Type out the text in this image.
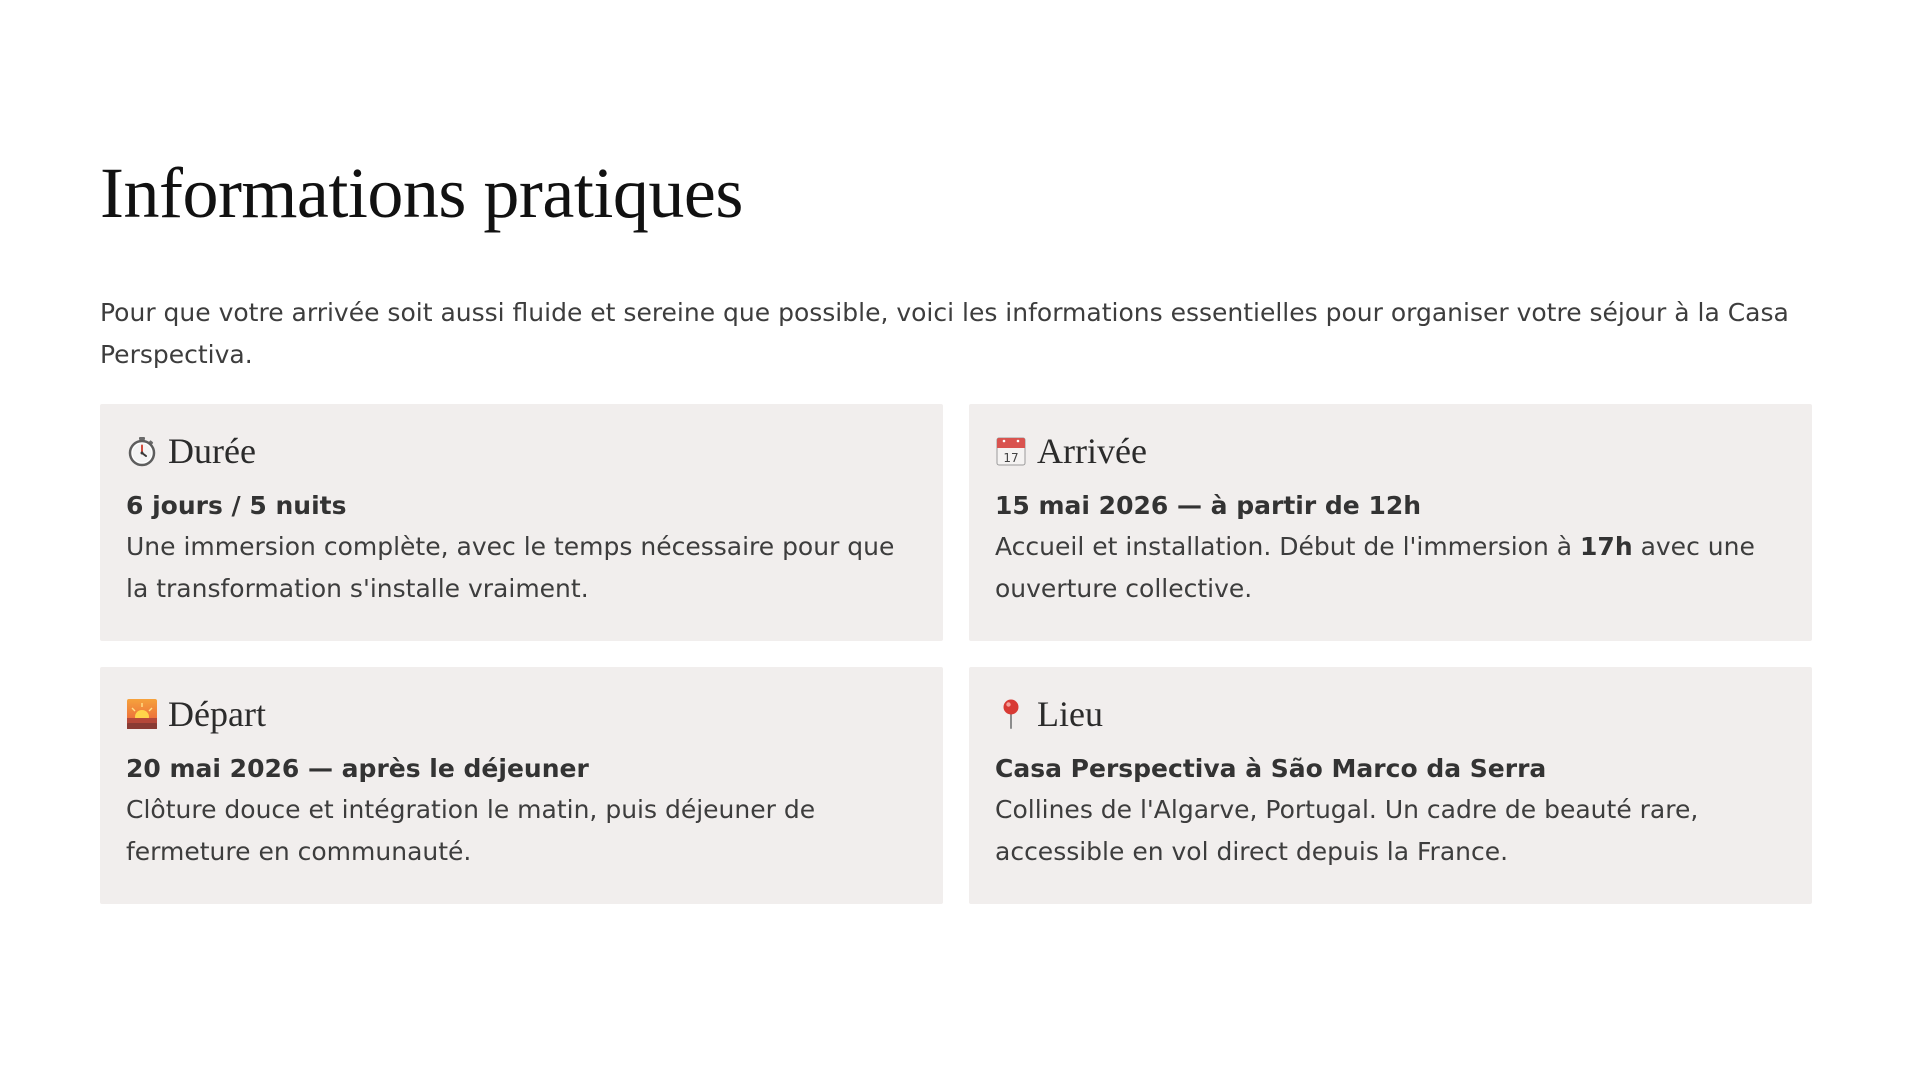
Informations pratiques

Pour que votre arrivée soit aussi fluide et sereine que possible, voici les informations essentielles pour organiser votre séjour à la Casa Perspectiva.

Durée
6 jours / 5 nuits
Une immersion complète, avec le temps nécessaire pour que la transformation s'installe vraiment.
17 Arrivée
15 mai 2026 — à partir de 12h
Accueil et installation. Début de l'immersion à 17h avec une ouverture collective.
Départ
20 mai 2026 — après le déjeuner
Clôture douce et intégration le matin, puis déjeuner de fermeture en communauté.
Lieu
Casa Perspectiva à São Marco da Serra
Collines de l'Algarve, Portugal. Un cadre de beauté rare, accessible en vol direct depuis la France.
